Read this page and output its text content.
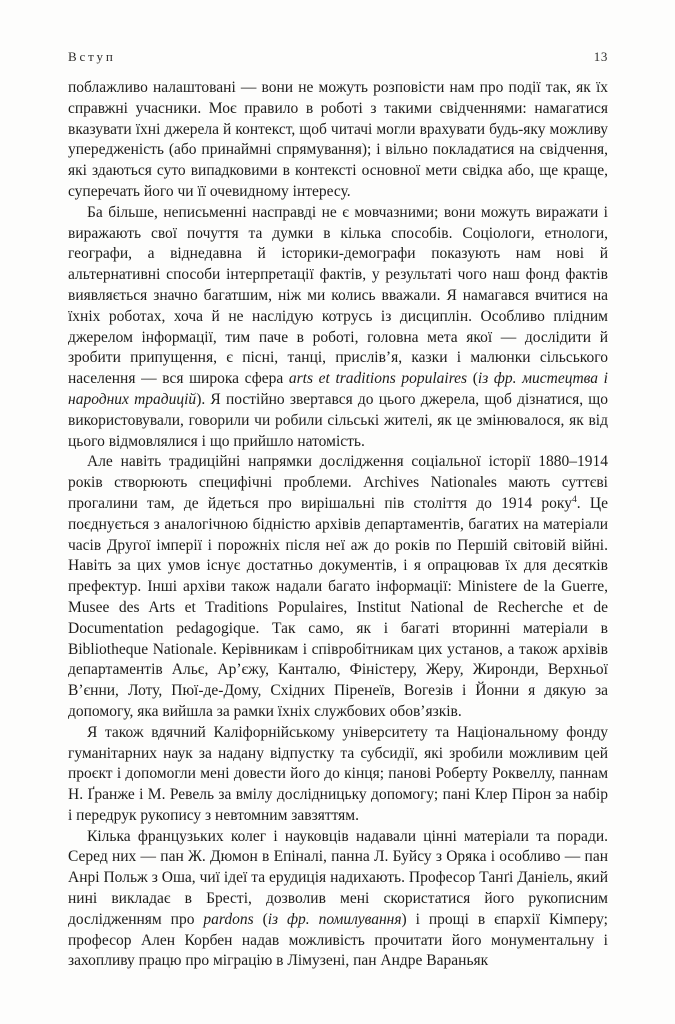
Вступ	13

поблажливо налаштовані — вони не можуть розповісти нам про події так, як їх справжні учасники. Моє правило в роботі з такими свідченнями: намагатися вказувати їхні джерела й контекст, щоб читачі могли врахувати будь-яку можливу упередженість (або принаймні спрямування); і вільно покладатися на свідчення, які здаються суто випадковими в контексті основної мети свідка або, ще краще, суперечать його чи її очевидному інтересу.

Ба більше, неписьменні насправді не є мовчазними; вони можуть виражати і виражають свої почуття та думки в кілька способів. Соціологи, етнологи, географи, а віднедавна й історики-демографи показують нам нові й альтернативні способи інтерпретації фактів, у результаті чого наш фонд фактів виявляється значно багатшим, ніж ми колись вважали. Я намагався вчитися на їхніх роботах, хоча й не наслідую котрусь із дисциплін. Особливо плідним джерелом інформації, тим паче в роботі, головна мета якої — дослідити й зробити припущення, є пісні, танці, прислів’я, казки і малюнки сільського населення — вся широка сфера arts et traditions populaires (із фр. мистецтва і народних традицій). Я постійно звертався до цього джерела, щоб дізнатися, що використовували, говорили чи робили сільські жителі, як це змінювалося, як від цього відмовлялися і що прийшло натомість.

Але навіть традиційні напрямки дослідження соціальної історії 1880–1914 років створюють специфічні проблеми. Archives Nationales мають суттєві прогалини там, де йдеться про вирішальні пів століття до 1914 року$^4$. Це поєднується з аналогічною бідністю архівів департаментів, багатих на матеріали часів Другої імперії і порожніх після неї аж до років по Першій світовій війні. Навіть за цих умов існує достатньо документів, і я опрацював їх для десятків префектур. Інші архіви також надали багато інформації: Ministere de la Guerre, Musee des Arts et Traditions Populaires, Institut National de Recherche et de Documentation pedagogique. Так само, як і багаті вторинні матеріали в Bibliotheque Nationale. Керівникам і співробітникам цих установ, а також архівів департаментів Альє, Ар’єжу, Канталю, Фіністеру, Жеру, Жиронди, Верхньої В’єнни, Лоту, Пюї-де-Дому, Східних Піренеїв, Вогезів і Йонни я дякую за допомогу, яка вийшла за рамки їхніх службових обов’язків.

Я також вдячний Каліфорнійському університету та Національному фонду гуманітарних наук за надану відпустку та субсидії, які зробили можливим цей проєкт і допомогли мені довести його до кінця; панові Роберту Роквеллу, паннам Н. Ґранже і М. Ревель за вмілу дослідницьку допомогу; пані Клер Пірон за набір і передрук рукопису з невтомним завзяттям.

Кілька французьких колег і науковців надавали цінні матеріали та поради. Серед них — пан Ж. Дюмон в Епіналі, панна Л. Буйсу з Оряка і особливо — пан Анрі Польж з Оша, чиї ідеї та ерудиція надихають. Професор Танґі Даніель, який нині викладає в Бресті, дозволив мені скористатися його рукописним дослідженням про pardons (із фр. помилування) і прощі в єпархії Кімперу; професор Ален Корбен надав можливість прочитати його монументальну і захопливу працю про міграцію в Лімузені, пан Андре Вараньяк
